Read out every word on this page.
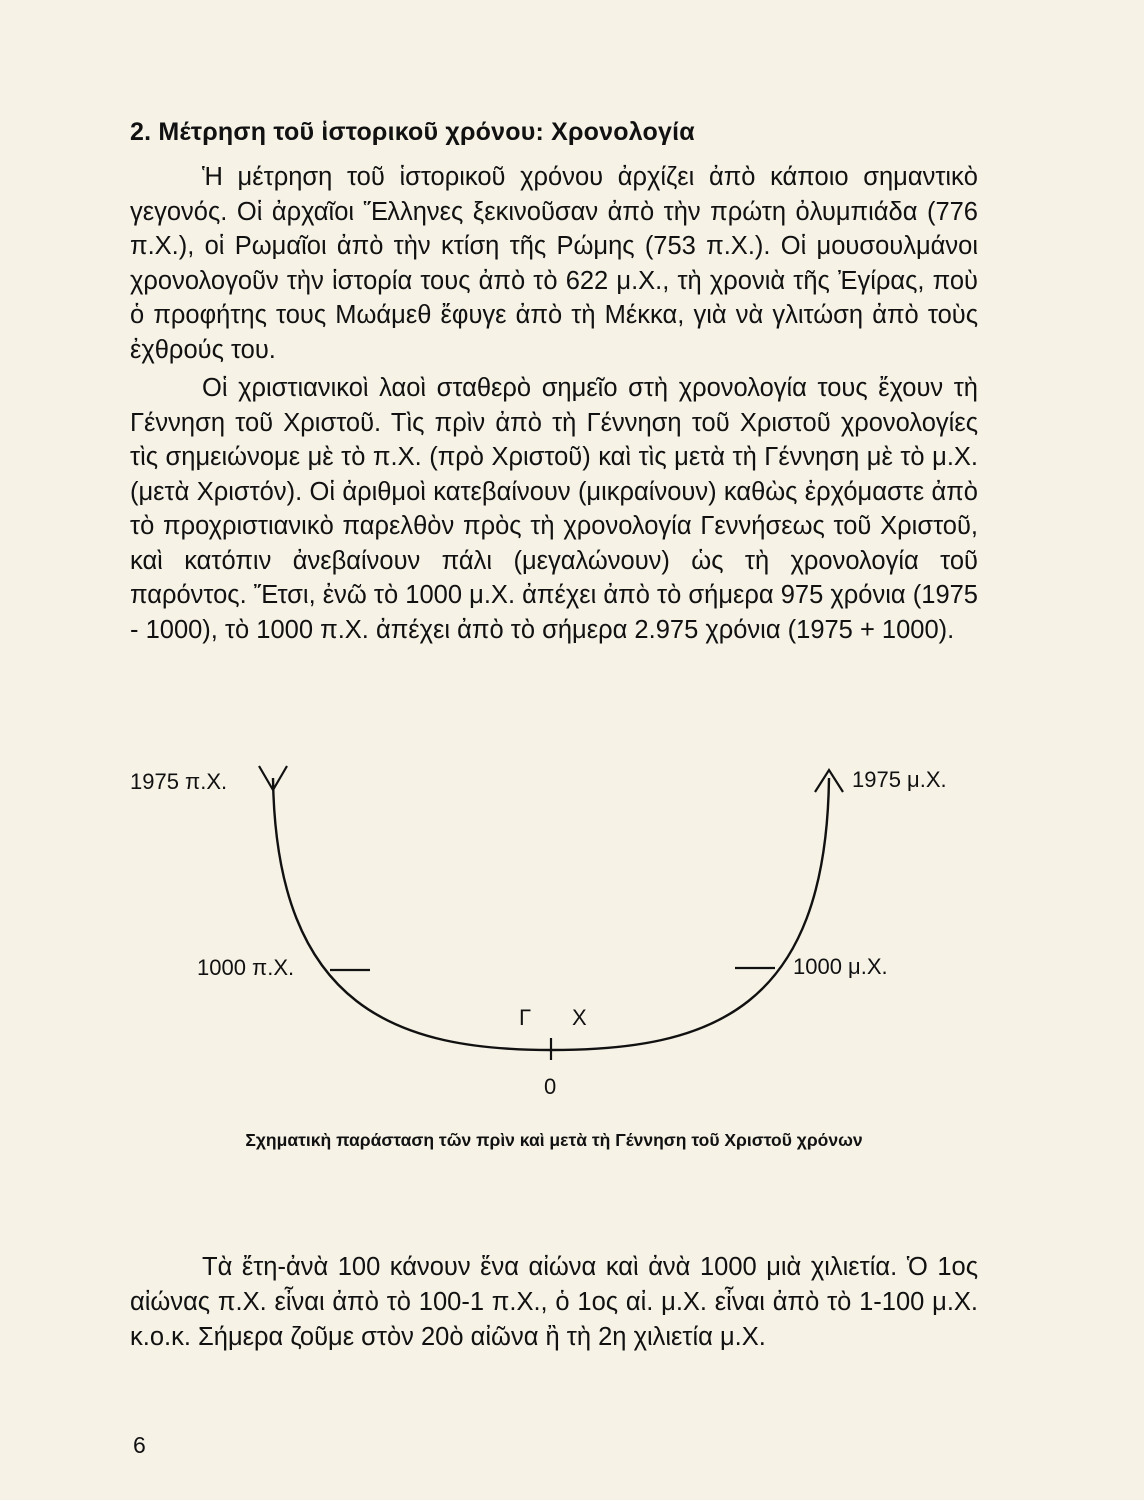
2. Μέτρηση τοῦ ἱστορικοῦ χρόνου: Χρονολογία

Ἡ μέτρηση τοῦ ἱστορικοῦ χρόνου ἀρχίζει ἀπὸ κάποιο σημαντικὸ γεγονός. Οἱ ἀρχαῖοι Ἕλληνες ξεκινοῦσαν ἀπὸ τὴν πρώτη ὀλυμπιάδα (776 π.Χ.), οἱ Ρωμαῖοι ἀπὸ τὴν κτίση τῆς Ρώμης (753 π.Χ.). Οἱ μουσουλμάνοι χρονολογοῦν τὴν ἱστορία τους ἀπὸ τὸ 622 μ.Χ., τὴ χρονιὰ τῆς Ἐγίρας, ποὺ ὁ προφήτης τους Μωάμεθ ἔφυγε ἀπὸ τὴ Μέκκα, γιὰ νὰ γλιτώση ἀπὸ τοὺς ἐχθρούς του.

Οἱ χριστιανικοὶ λαοὶ σταθερὸ σημεῖο στὴ χρονολογία τους ἔχουν τὴ Γέννηση τοῦ Χριστοῦ. Τὶς πρὶν ἀπὸ τὴ Γέννηση τοῦ Χριστοῦ χρονολογίες τὶς σημειώνομε μὲ τὸ π.Χ. (πρὸ Χριστοῦ) καὶ τὶς μετὰ τὴ Γέννηση μὲ τὸ μ.Χ. (μετὰ Χριστόν). Οἱ ἀριθμοὶ κατεβαίνουν (μικραίνουν) καθὼς ἐρχόμαστε ἀπὸ τὸ προχριστιανικὸ παρελθὸν πρὸς τὴ χρονολογία Γεννήσεως τοῦ Χριστοῦ, καὶ κατόπιν ἀνεβαίνουν πάλι (μεγαλώνουν) ὡς τὴ χρονολογία τοῦ παρόντος. Ἔτσι, ἐνῶ τὸ 1000 μ.Χ. ἀπέχει ἀπὸ τὸ σήμερα 975 χρόνια (1975 - 1000), τὸ 1000 π.Χ. ἀπέχει ἀπὸ τὸ σήμερα 2.975 χρόνια (1975 + 1000).

1975 π.Χ.	1975 μ.Χ.
1000 π.Χ.	1000 μ.Χ.
Γ Χ
0

Σχηματικὴ παράσταση τῶν πρὶν καὶ μετὰ τὴ Γέννηση τοῦ Χριστοῦ χρόνων

Τὰ ἔτη-ἀνὰ 100 κάνουν ἕνα αἰώνα καὶ ἀνὰ 1000 μιὰ χιλιετία. Ὁ 1ος αἰώνας π.Χ. εἶναι ἀπὸ τὸ 100-1 π.Χ., ὁ 1ος αἰ. μ.Χ. εἶναι ἀπὸ τὸ 1-100 μ.Χ. κ.ο.κ. Σήμερα ζοῦμε στὸν 20ὸ αἰῶνα ἢ τὴ 2η χιλιετία μ.Χ.

6
